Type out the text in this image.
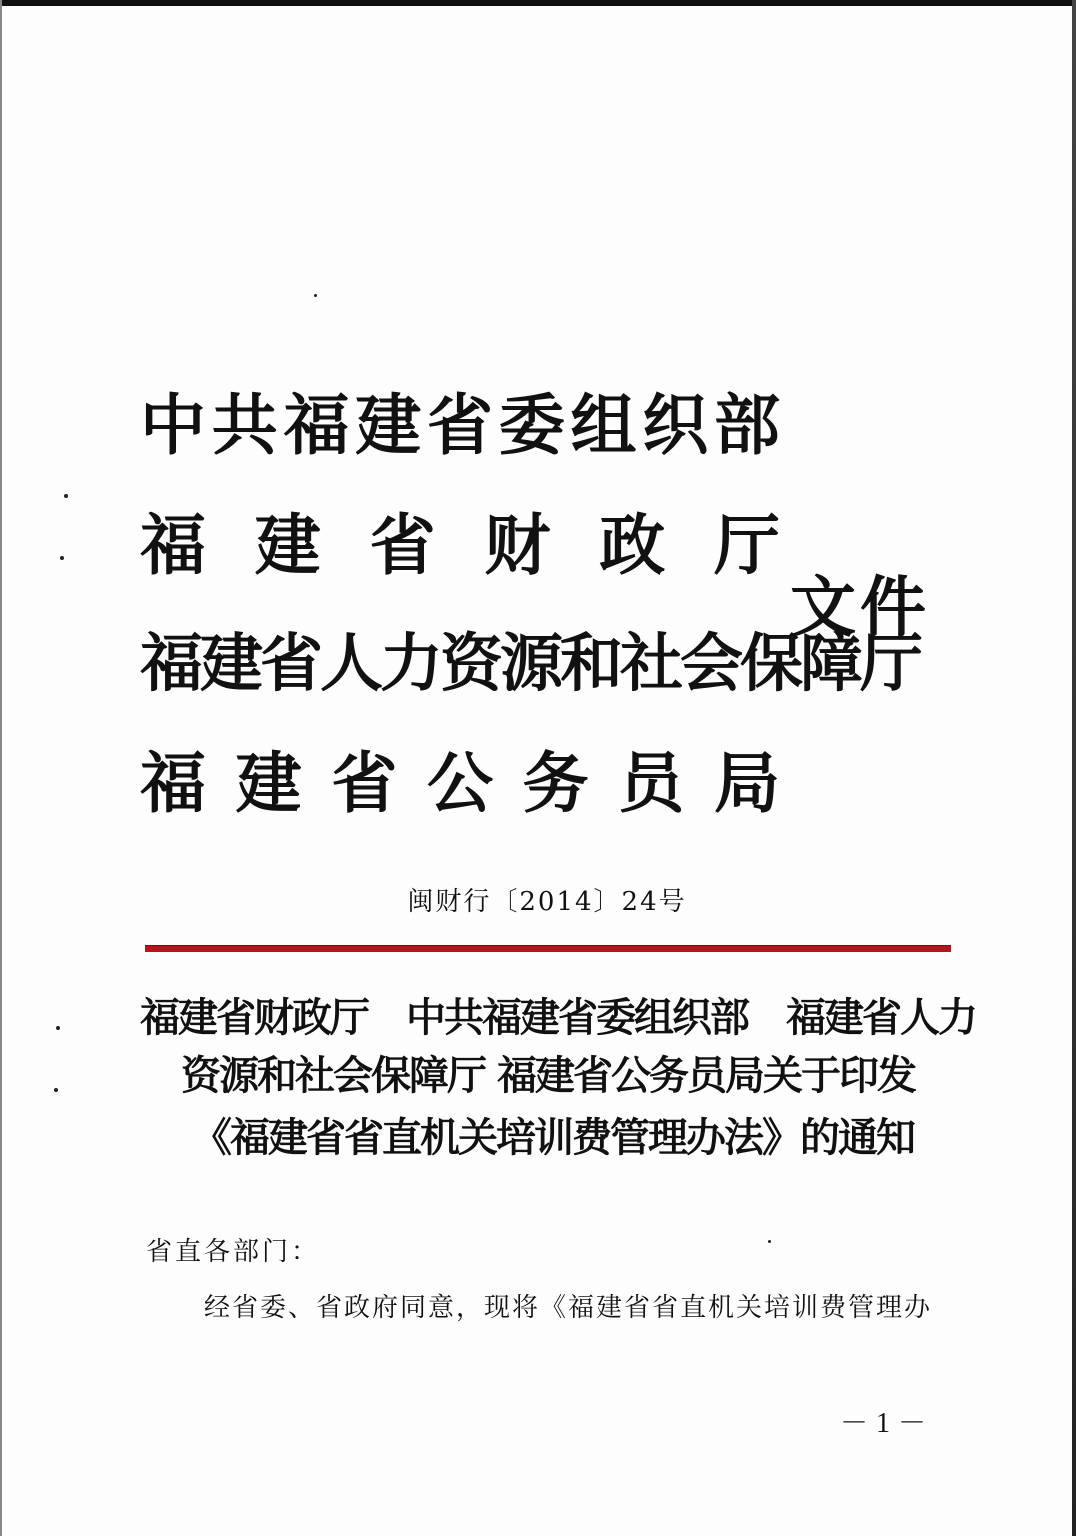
中 共 福 建 省 委 组 织 部
福 建 省 财 政 厅
福建省人力资源和社会保障厅
福 建 省 公 务 员 局
文件
闽财行〔2014〕24号
福建省财政厅　中共福建省委组织部　福建省人力
资源和社会保障厅 福建省公务员局关于印发
《福建省省直机关培训费管理办法》的通知
省直各部门：
经省委、省政府同意，现将《福建省省直机关培训费管理办
－1－
